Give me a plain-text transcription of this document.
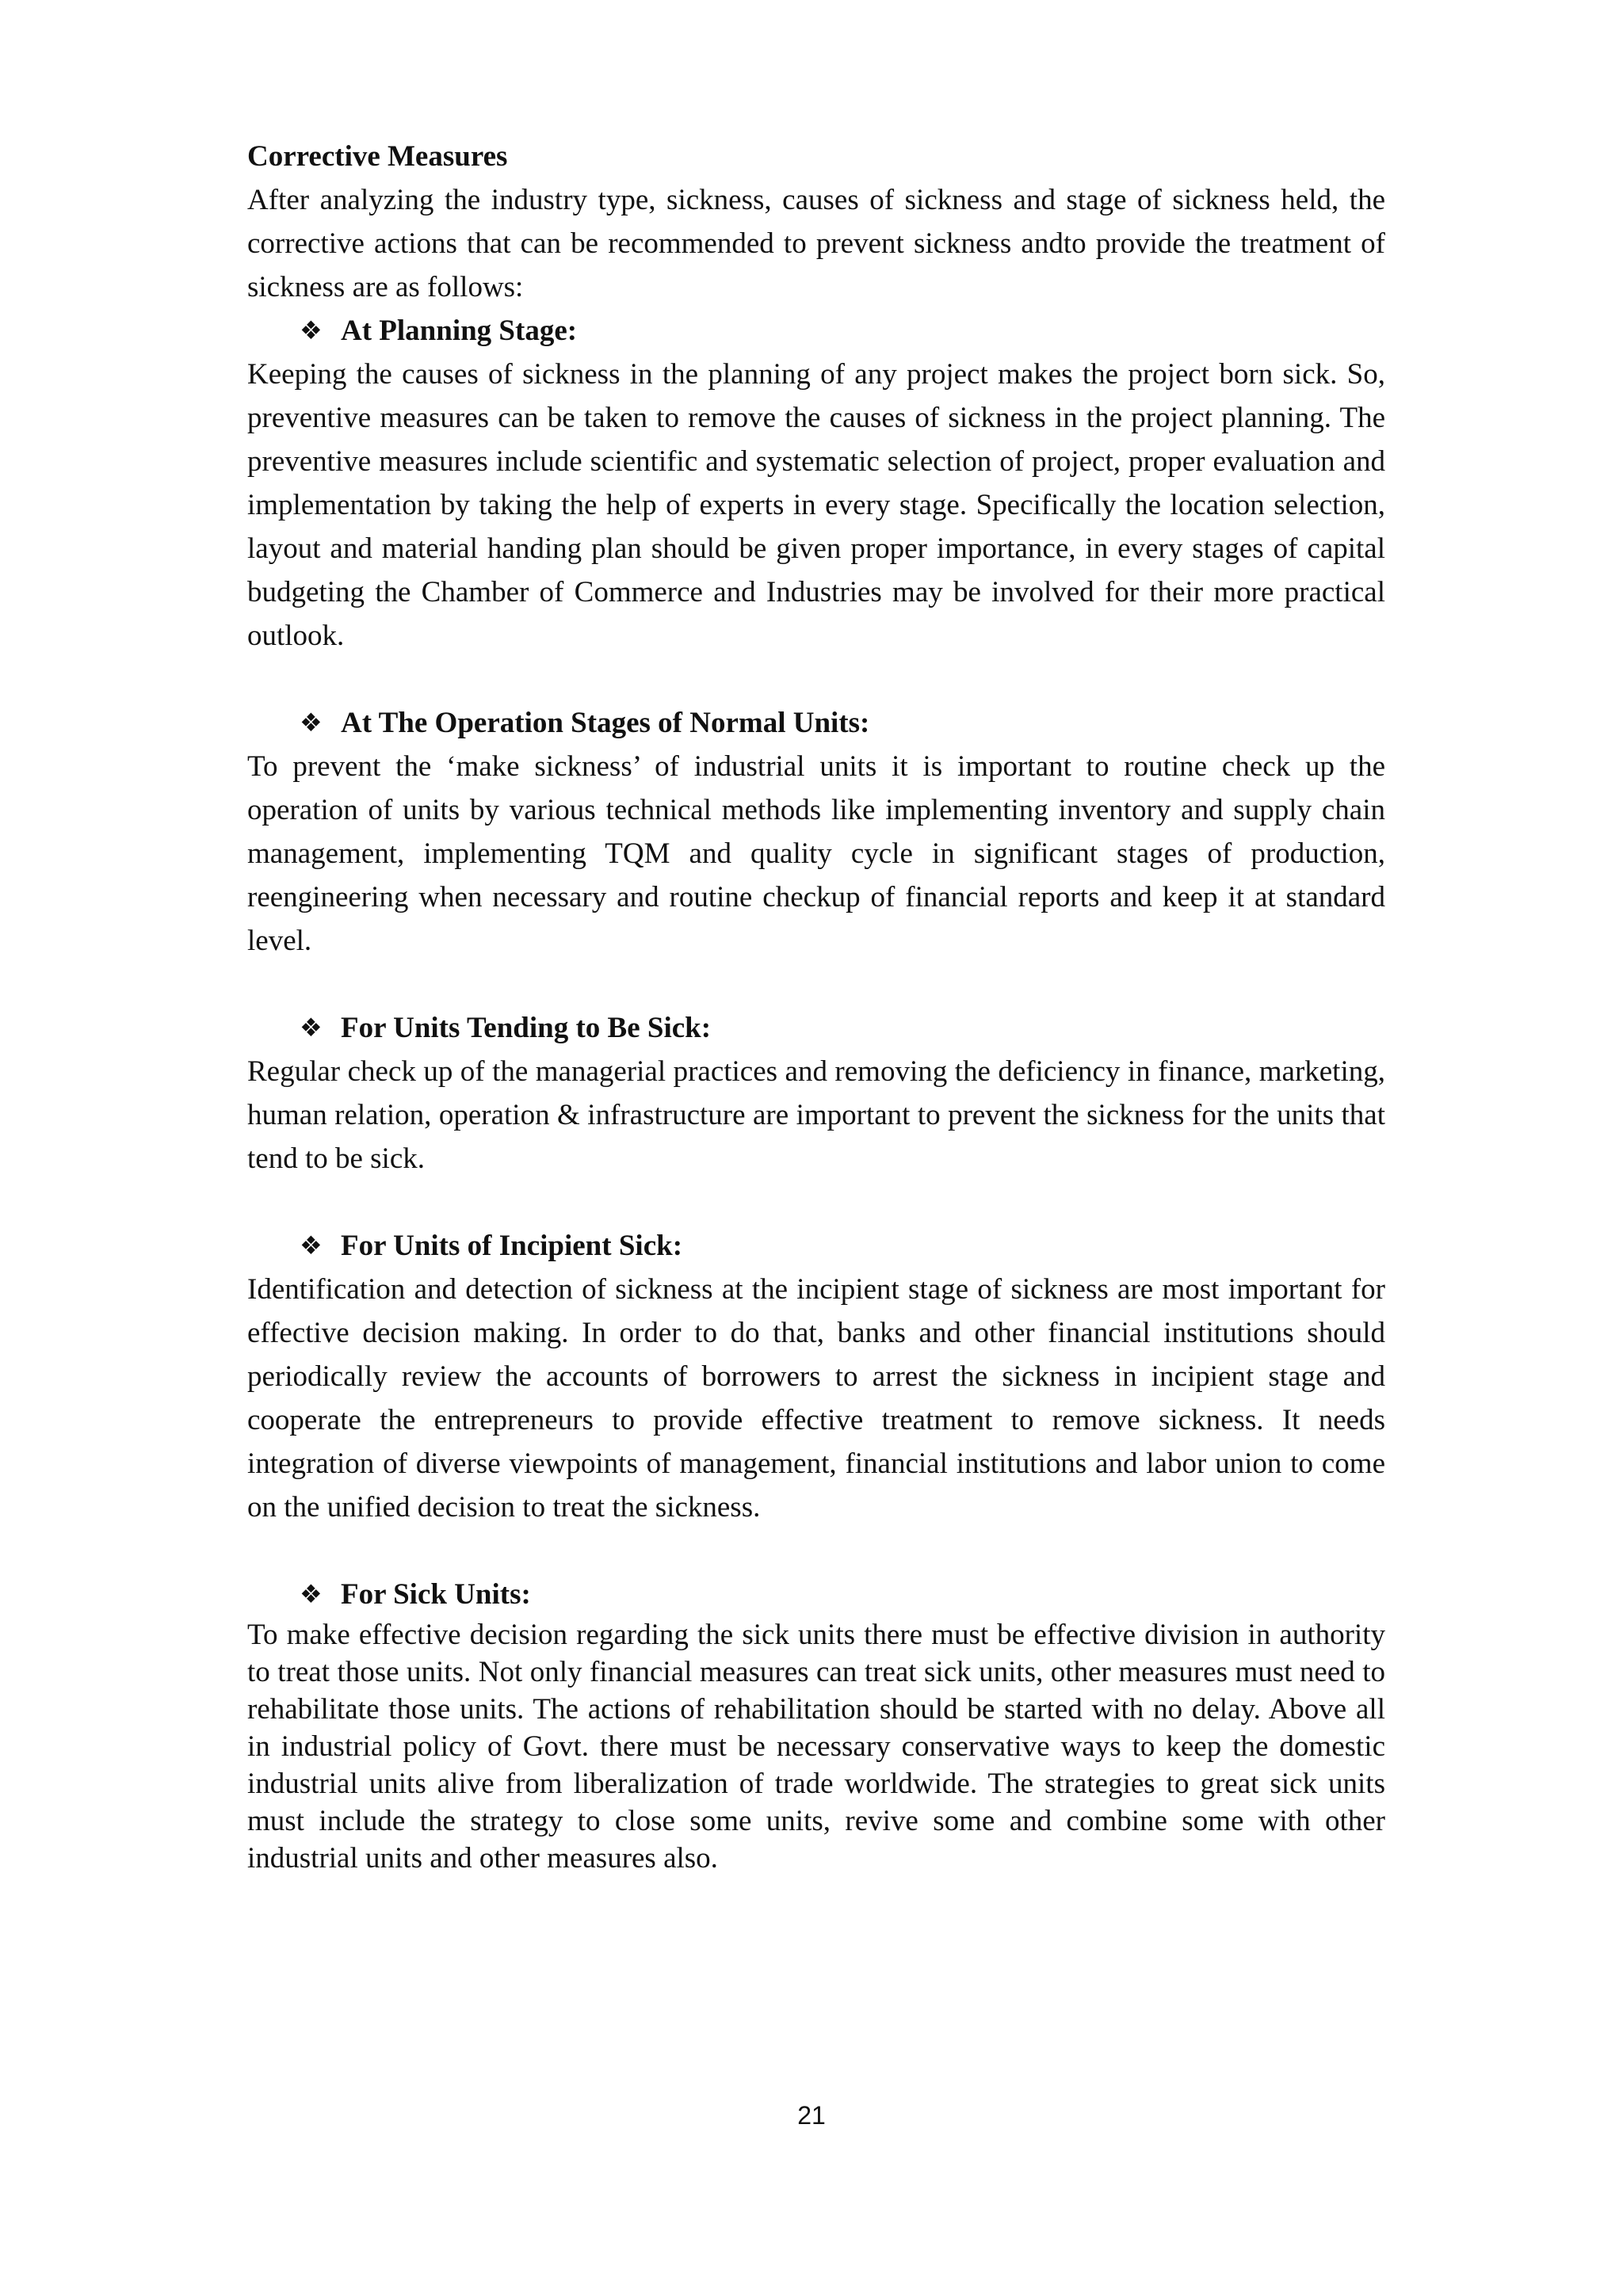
Corrective Measures

After analyzing the industry type, sickness, causes of sickness and stage of sickness held, the corrective actions that can be recommended to prevent sickness andto provide the treatment of sickness are as follows:

❖ At Planning Stage:

Keeping the causes of sickness in the planning of any project makes the project born sick. So, preventive measures can be taken to remove the causes of sickness in the project planning. The preventive measures include scientific and systematic selection of project, proper evaluation and implementation by taking the help of experts in every stage. Specifically the location selection, layout and material handing plan should be given proper importance, in every stages of capital budgeting the Chamber of Commerce and Industries may be involved for their more practical outlook.

❖ At The Operation Stages of Normal Units:

To prevent the ‘make sickness’ of industrial units it is important to routine check up the operation of units by various technical methods like implementing inventory and supply chain management, implementing TQM and quality cycle in significant stages of production, reengineering when necessary and routine checkup of financial reports and keep it at standard level.

❖ For Units Tending to Be Sick:

Regular check up of the managerial practices and removing the deficiency in finance, marketing, human relation, operation & infrastructure are important to prevent the sickness for the units that tend to be sick.

❖ For Units of Incipient Sick:

Identification and detection of sickness at the incipient stage of sickness are most important for effective decision making. In order to do that, banks and other financial institutions should periodically review the accounts of borrowers to arrest the sickness in incipient stage and cooperate the entrepreneurs to provide effective treatment to remove sickness. It needs integration of diverse viewpoints of management, financial institutions and labor union to come on the unified decision to treat the sickness.

❖ For Sick Units:

To make effective decision regarding the sick units there must be effective division in authority to treat those units. Not only financial measures can treat sick units, other measures must need to rehabilitate those units. The actions of rehabilitation should be started with no delay. Above all in industrial policy of Govt. there must be necessary conservative ways to keep the domestic industrial units alive from liberalization of trade worldwide. The strategies to great sick units must include the strategy to close some units, revive some and combine some with other industrial units and other measures also.

21
